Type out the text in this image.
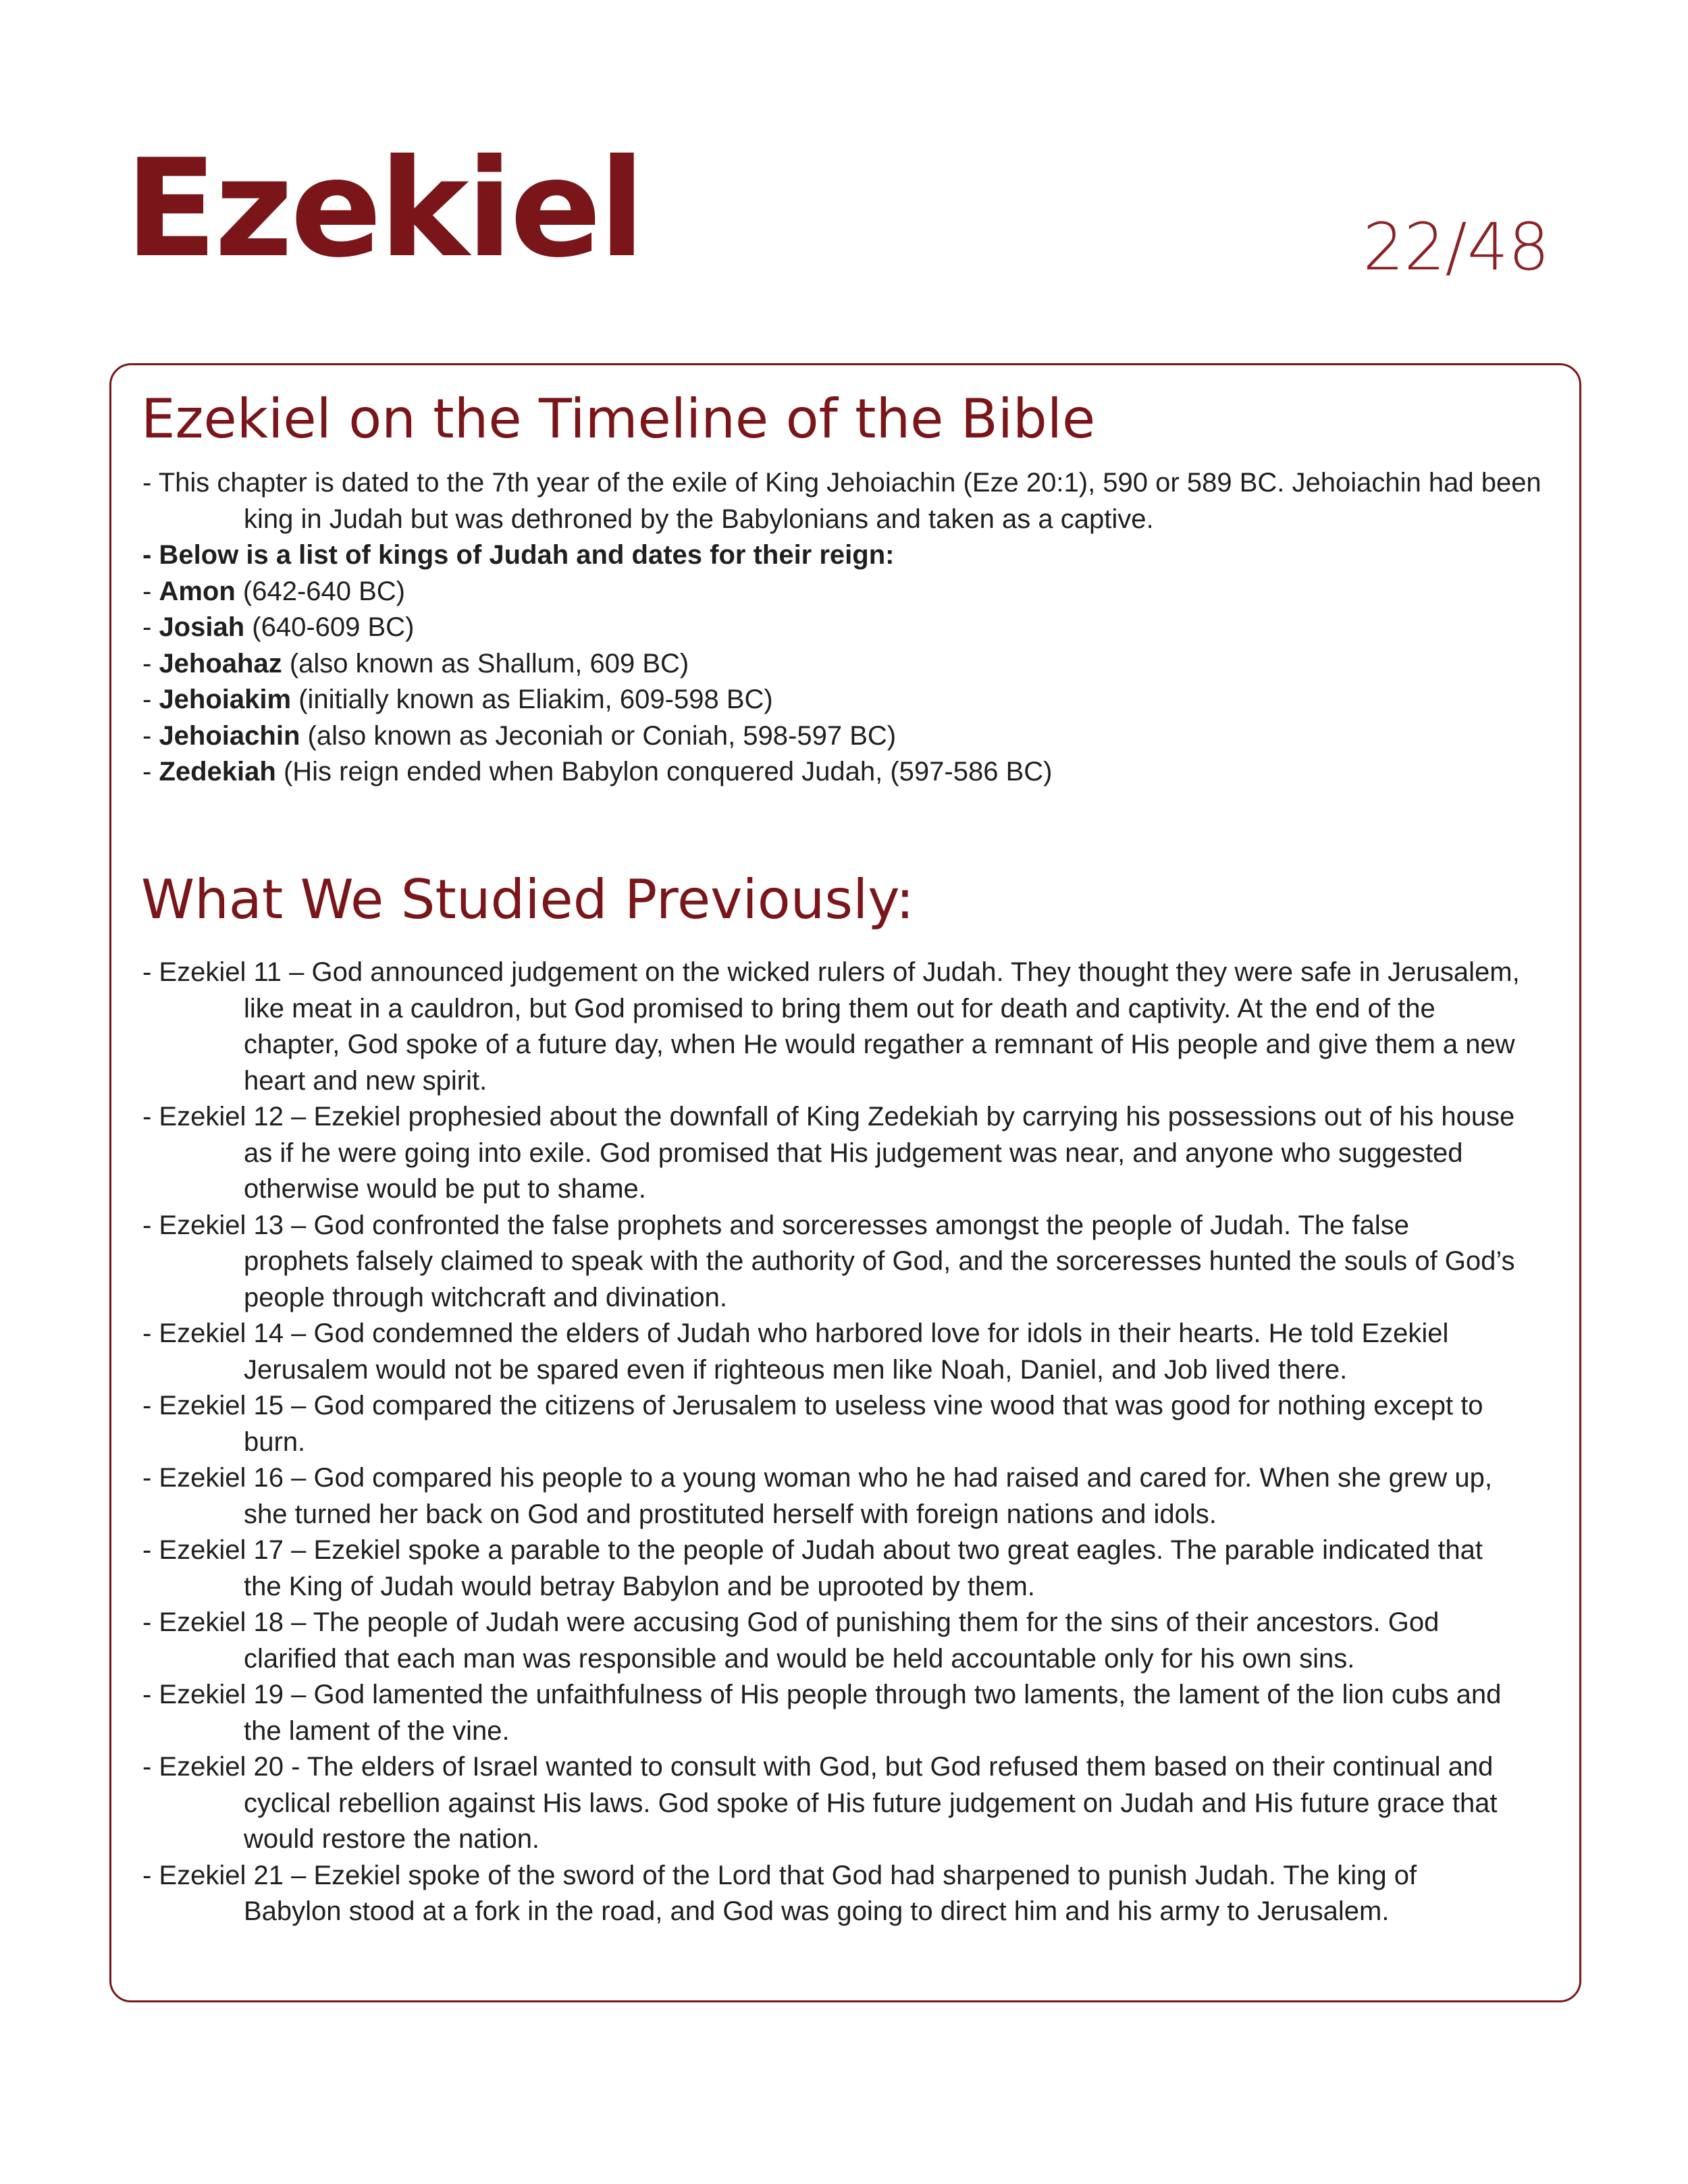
Ezekiel	22/48
Ezekiel on the Timeline of the Bible
- This chapter is dated to the 7th year of the exile of King Jehoiachin (Eze 20:1), 590 or 589 BC. Jehoiachin had been king in Judah but was dethroned by the Babylonians and taken as a captive.
- Below is a list of kings of Judah and dates for their reign:
- Amon (642-640 BC)
- Josiah (640-609 BC)
- Jehoahaz (also known as Shallum, 609 BC)
- Jehoiakim (initially known as Eliakim, 609-598 BC)
- Jehoiachin (also known as Jeconiah or Coniah, 598-597 BC)
- Zedekiah (His reign ended when Babylon conquered Judah, (597-586 BC)
What We Studied Previously:
- Ezekiel 11 – God announced judgement on the wicked rulers of Judah. They thought they were safe in Jerusalem, like meat in a cauldron, but God promised to bring them out for death and captivity. At the end of the chapter, God spoke of a future day, when He would regather a remnant of His people and give them a new heart and new spirit.
- Ezekiel 12 – Ezekiel prophesied about the downfall of King Zedekiah by carrying his possessions out of his house as if he were going into exile. God promised that His judgement was near, and anyone who suggested otherwise would be put to shame.
- Ezekiel 13 – God confronted the false prophets and sorceresses amongst the people of Judah. The false prophets falsely claimed to speak with the authority of God, and the sorceresses hunted the souls of God’s people through witchcraft and divination.
- Ezekiel 14 – God condemned the elders of Judah who harbored love for idols in their hearts. He told Ezekiel Jerusalem would not be spared even if righteous men like Noah, Daniel, and Job lived there.
- Ezekiel 15 – God compared the citizens of Jerusalem to useless vine wood that was good for nothing except to burn.
- Ezekiel 16 – God compared his people to a young woman who he had raised and cared for. When she grew up, she turned her back on God and prostituted herself with foreign nations and idols.
- Ezekiel 17 – Ezekiel spoke a parable to the people of Judah about two great eagles. The parable indicated that the King of Judah would betray Babylon and be uprooted by them.
- Ezekiel 18 – The people of Judah were accusing God of punishing them for the sins of their ancestors. God clarified that each man was responsible and would be held accountable only for his own sins.
- Ezekiel 19 – God lamented the unfaithfulness of His people through two laments, the lament of the lion cubs and the lament of the vine.
- Ezekiel 20 - The elders of Israel wanted to consult with God, but God refused them based on their continual and cyclical rebellion against His laws. God spoke of His future judgement on Judah and His future grace that would restore the nation.
- Ezekiel 21 – Ezekiel spoke of the sword of the Lord that God had sharpened to punish Judah. The king of Babylon stood at a fork in the road, and God was going to direct him and his army to Jerusalem.
